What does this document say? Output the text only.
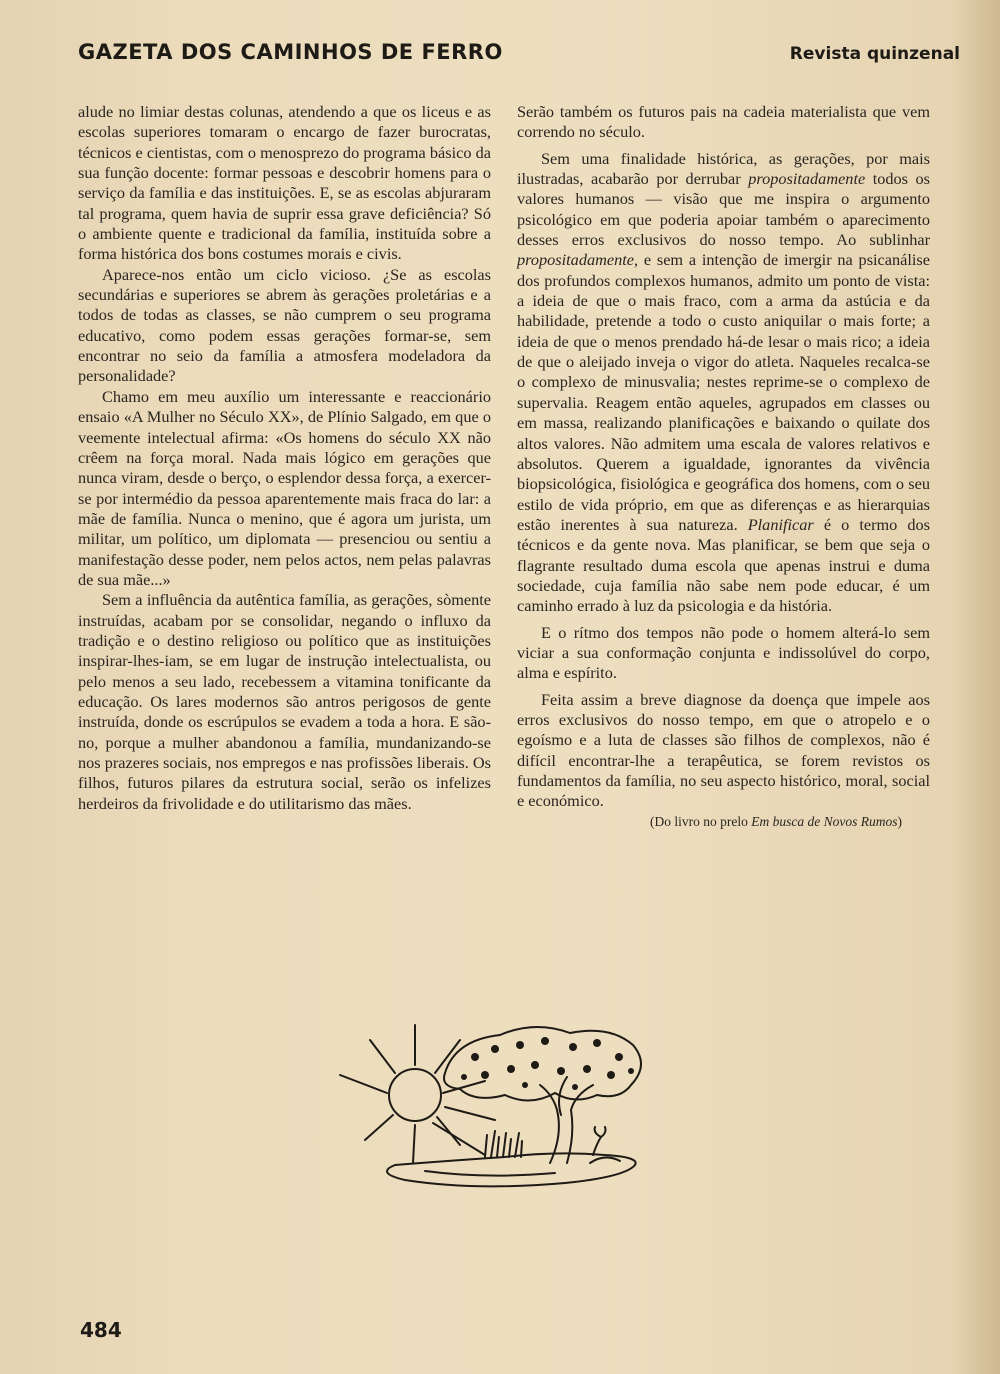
GAZETA DOS CAMINHOS DE FERRO	Revista quinzenal

alude no limiar destas colunas, atendendo a que os liceus e as escolas superiores tomaram o encargo de fazer burocratas, técnicos e cientistas, com o menosprezo do programa básico da sua função docente: formar pessoas e descobrir homens para o serviço da família e das instituições. E, se as escolas abjuraram tal programa, quem havia de suprir essa grave deficiência? Só o ambiente quente e tradicional da família, instituída sobre a forma histórica dos bons costumes morais e civis.

Aparece-nos então um ciclo vicioso. ¿Se as escolas secundárias e superiores se abrem às gerações proletárias e a todos de todas as classes, se não cumprem o seu programa educativo, como podem essas gerações formar-se, sem encontrar no seio da família a atmosfera modeladora da personalidade?

Chamo em meu auxílio um interessante e reaccionário ensaio «A Mulher no Século XX», de Plínio Salgado, em que o veemente intelectual afirma: «Os homens do século XX não crêem na força moral. Nada mais lógico em gerações que nunca viram, desde o berço, o esplendor dessa força, a exercer-se por intermédio da pessoa aparentemente mais fraca do lar: a mãe de família. Nunca o menino, que é agora um jurista, um militar, um político, um diplomata — presenciou ou sentiu a manifestação desse poder, nem pelos actos, nem pelas palavras de sua mãe...»

Sem a influência da autêntica família, as gerações, sòmente instruídas, acabam por se consolidar, negando o influxo da tradição e o destino religioso ou político que as instituições inspirar-lhes-iam, se em lugar de instrução intelectualista, ou pelo menos a seu lado, recebessem a vitamina tonificante da educação. Os lares modernos são antros perigosos de gente instruída, donde os escrúpulos se evadem a toda a hora. E são-no, porque a mulher abandonou a família, mundanizando-se nos prazeres sociais, nos empregos e nas profissões liberais. Os filhos, futuros pilares da estrutura social, serão os infelizes herdeiros da frivolidade e do utilitarismo das mães.

Serão também os futuros pais na cadeia materialista que vem correndo no século.

Sem uma finalidade histórica, as gerações, por mais ilustradas, acabarão por derrubar propositadamente todos os valores humanos — visão que me inspira o argumento psicológico em que poderia apoiar também o aparecimento desses erros exclusivos do nosso tempo. Ao sublinhar propositadamente, e sem a intenção de imergir na psicanálise dos profundos complexos humanos, admito um ponto de vista: a ideia de que o mais fraco, com a arma da astúcia e da habilidade, pretende a todo o custo aniquilar o mais forte; a ideia de que o menos prendado há-de lesar o mais rico; a ideia de que o aleijado inveja o vigor do atleta. Naqueles recalca-se o complexo de minusvalia; nestes reprime-se o complexo de supervalia. Reagem então aqueles, agrupados em classes ou em massa, realizando planificações e baixando o quilate dos altos valores. Não admitem uma escala de valores relativos e absolutos. Querem a igualdade, ignorantes da vivência biopsicológica, fisiológica e geográfica dos homens, com o seu estilo de vida próprio, em que as diferenças e as hierarquias estão inerentes à sua natureza. Planificar é o termo dos técnicos e da gente nova. Mas planificar, se bem que seja o flagrante resultado duma escola que apenas instrui e duma sociedade, cuja família não sabe nem pode educar, é um caminho errado à luz da psicologia e da história.

E o rítmo dos tempos não pode o homem alterá-lo sem viciar a sua conformação conjunta e indissolúvel do corpo, alma e espírito.

Feita assim a breve diagnose da doença que impele aos erros exclusivos do nosso tempo, em que o atropelo e o egoísmo e a luta de classes são filhos de complexos, não é difícil encontrar-lhe a terapêutica, se forem revistos os fundamentos da família, no seu aspecto histórico, moral, social e económico.

(Do livro no prelo Em busca de Novos Rumos)

484
